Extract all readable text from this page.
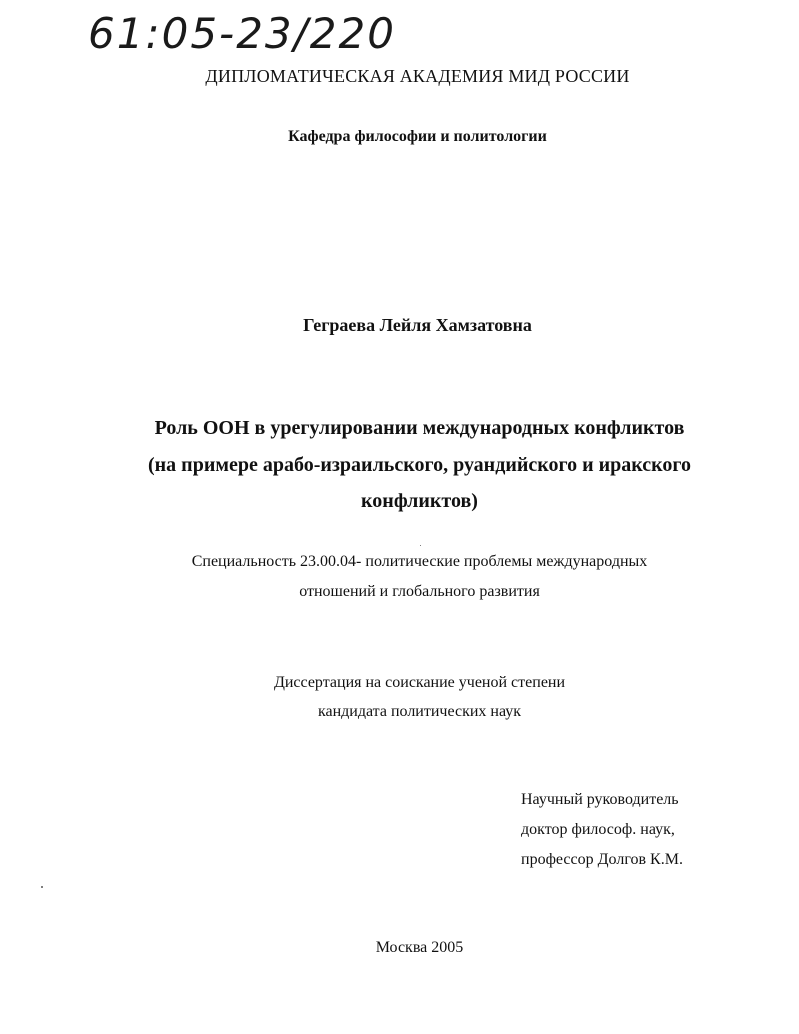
61:05-23/220
ДИПЛОМАТИЧЕСКАЯ АКАДЕМИЯ МИД РОССИИ
Кафедра философии и политологии
Геграева Лейля Хамзатовна
Роль ООН в урегулировании международных конфликтов
(на примере арабо-израильского, руандийского и иракского
конфликтов)
Специальность 23.00.04- политические проблемы международных
отношений и глобального развития
Диссертация на соискание ученой степени
кандидата политических наук
Научный руководитель
доктор философ. наук,
профессор Долгов К.М.
Москва 2005
